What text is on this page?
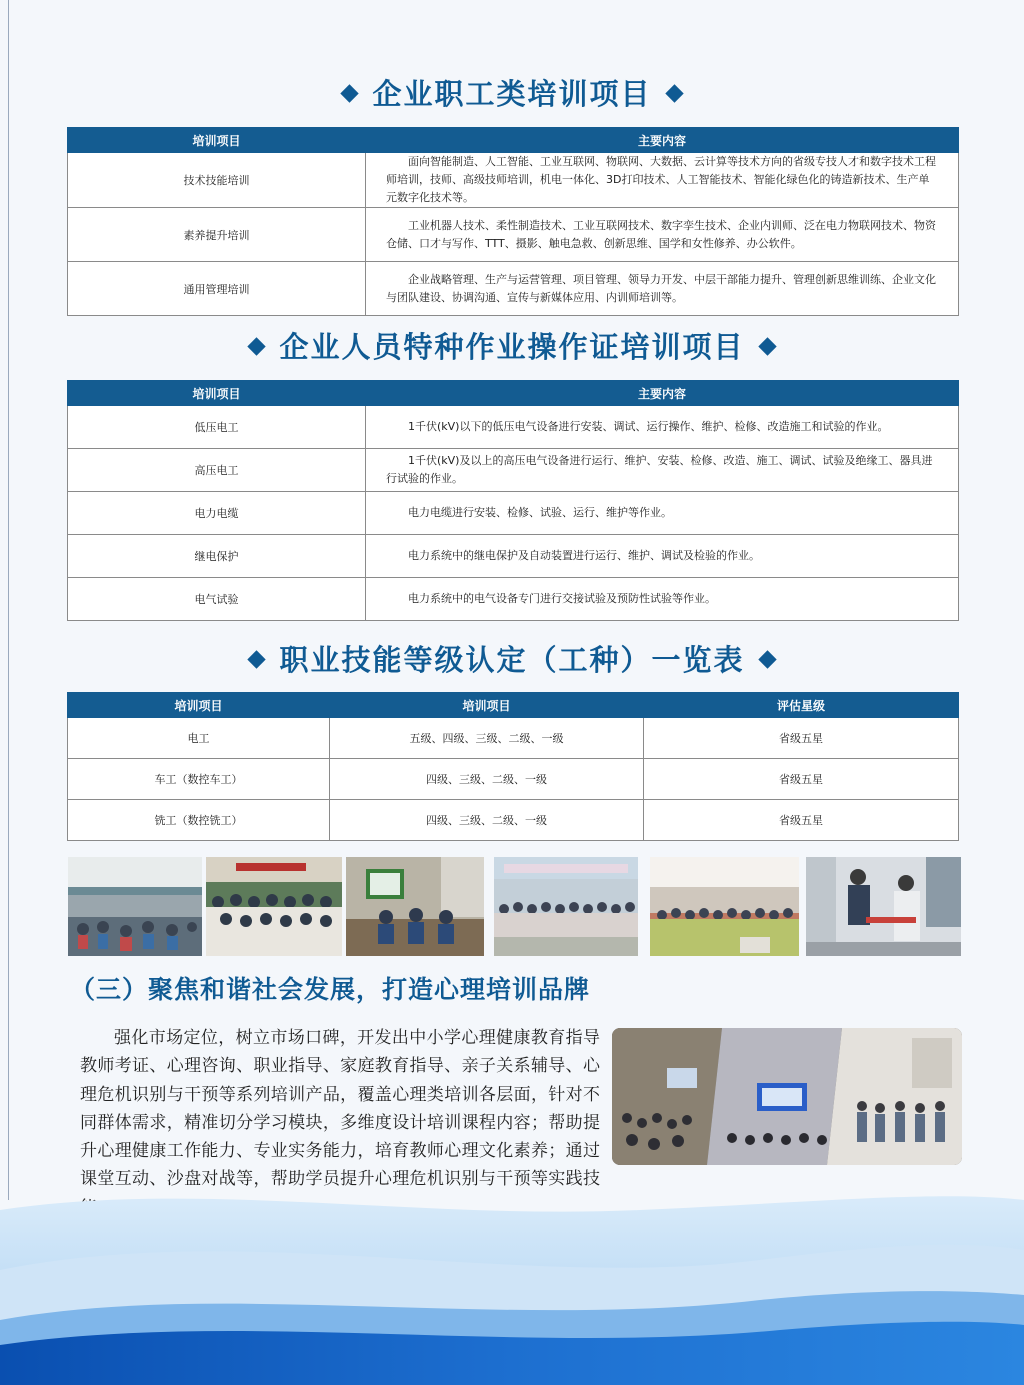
企业职工类培训项目
培训项目	主要内容
技术技能培训	面向智能制造、人工智能、工业互联网、物联网、大数据、云计算等技术方向的省级专技人才和数字技术工程师培训，技师、高级技师培训，机电一体化、3D打印技术、人工智能技术、智能化绿色化的铸造新技术、生产单元数字化技术等。
素养提升培训	工业机器人技术、柔性制造技术、工业互联网技术、数字孪生技术、企业内训师、泛在电力物联网技术、物资仓储、口才与写作、TTT、摄影、触电急救、创新思维、国学和女性修养、办公软件。
通用管理培训	企业战略管理、生产与运营管理、项目管理、领导力开发、中层干部能力提升、管理创新思维训练、企业文化与团队建设、协调沟通、宣传与新媒体应用、内训师培训等。
企业人员特种作业操作证培训项目
培训项目	主要内容
低压电工	1千伏(kV)以下的低压电气设备进行安装、调试、运行操作、维护、检修、改造施工和试验的作业。
高压电工	1千伏(kV)及以上的高压电气设备进行运行、维护、安装、检修、改造、施工、调试、试验及绝缘工、器具进行试验的作业。
电力电缆	电力电缆进行安装、检修、试验、运行、维护等作业。
继电保护	电力系统中的继电保护及自动装置进行运行、维护、调试及检验的作业。
电气试验	电力系统中的电气设备专门进行交接试验及预防性试验等作业。
职业技能等级认定（工种）一览表
培训项目	培训项目	评估星级
电工	五级、四级、三级、二级、一级	省级五星
车工（数控车工）	四级、三级、二级、一级	省级五星
铣工（数控铣工）	四级、三级、二级、一级	省级五星
（三）聚焦和谐社会发展，打造心理培训品牌
强化市场定位，树立市场口碑，开发出中小学心理健康教育指导教师考证、心理咨询、职业指导、家庭教育指导、亲子关系辅导、心理危机识别与干预等系列培训产品，覆盖心理类培训各层面，针对不同群体需求，精准切分学习模块，多维度设计培训课程内容；帮助提升心理健康工作能力、专业实务能力，培育教师心理文化素养；通过课堂互动、沙盘对战等，帮助学员提升心理危机识别与干预等实践技
